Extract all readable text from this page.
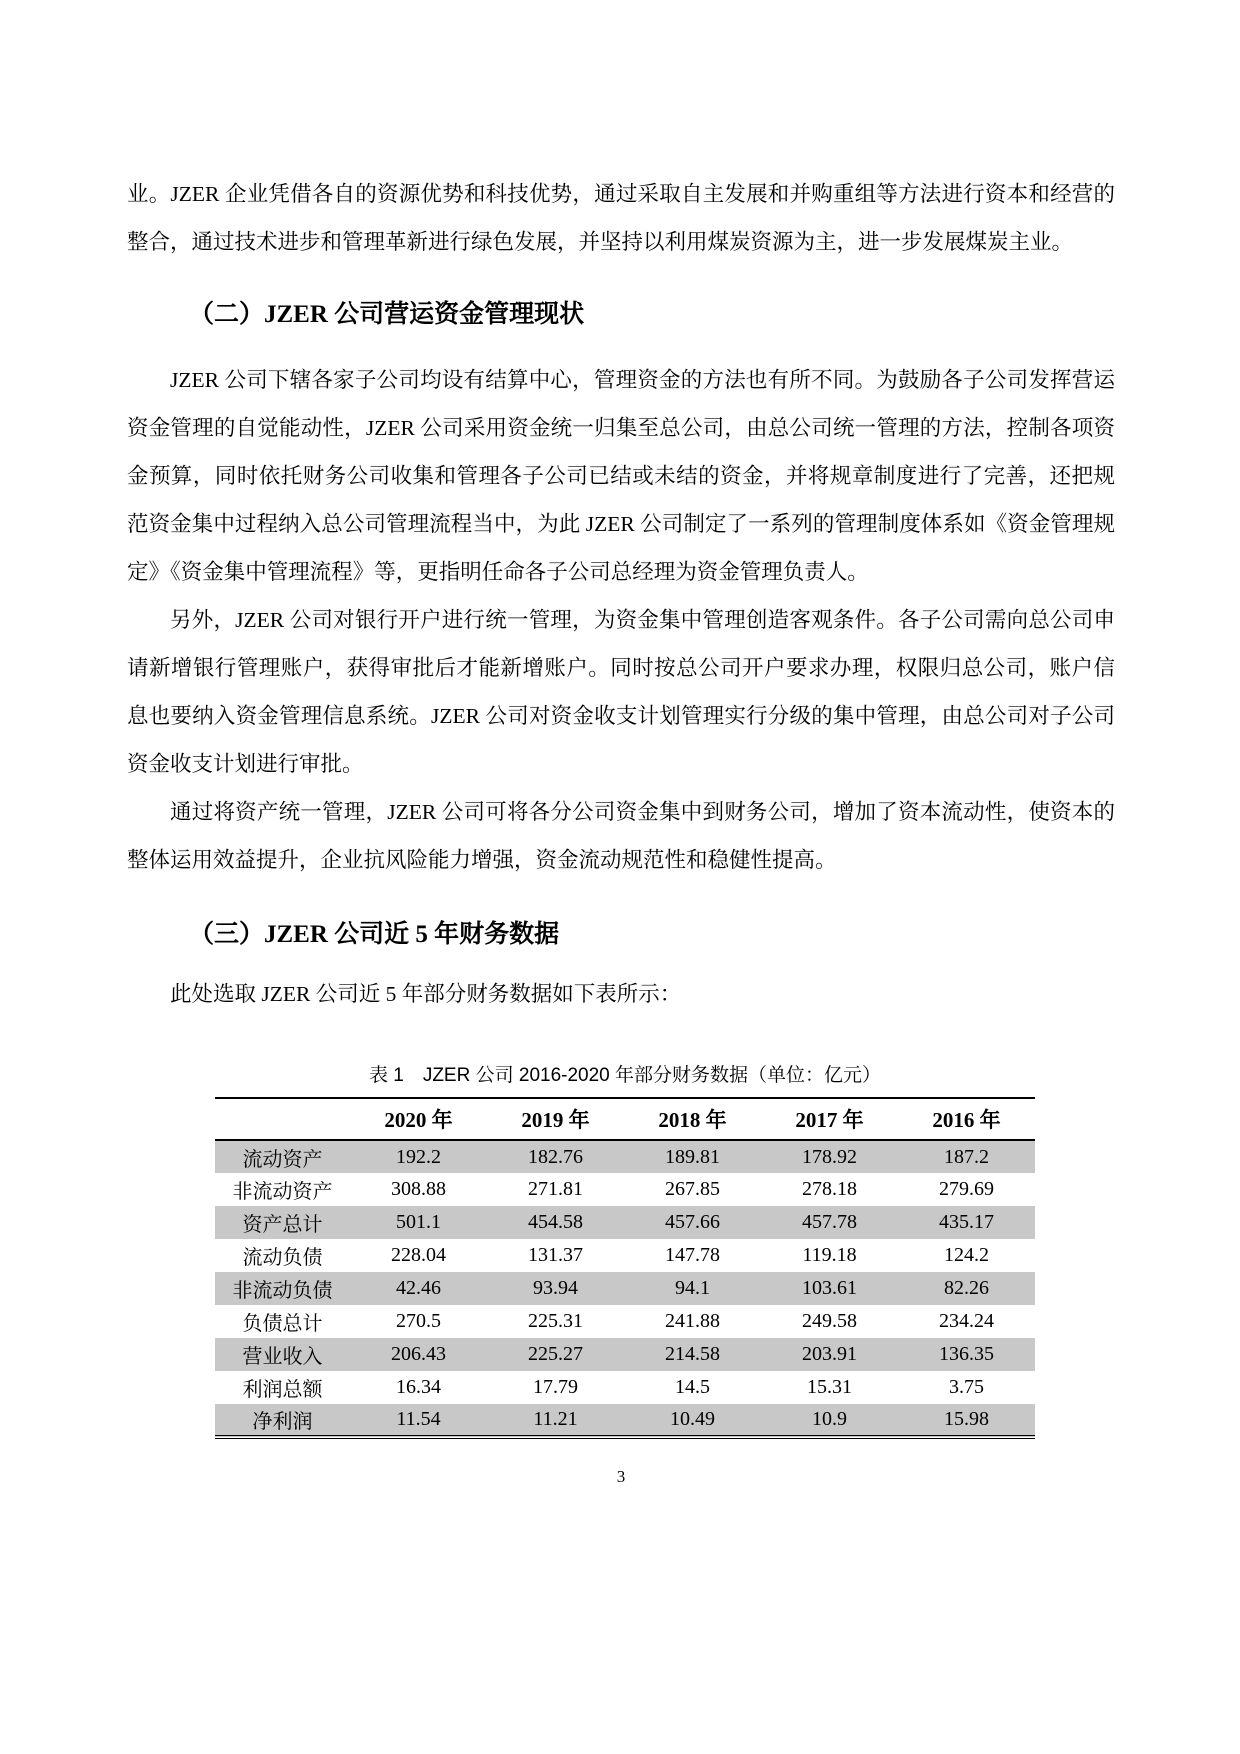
业。JZER 企业凭借各自的资源优势和科技优势，通过采取自主发展和并购重组等方法进行资本和经营的整合，通过技术进步和管理革新进行绿色发展，并坚持以利用煤炭资源为主，进一步发展煤炭主业。

（二）JZER 公司营运资金管理现状

JZER 公司下辖各家子公司均设有结算中心，管理资金的方法也有所不同。为鼓励各子公司发挥营运资金管理的自觉能动性，JZER 公司采用资金统一归集至总公司，由总公司统一管理的方法，控制各项资金预算，同时依托财务公司收集和管理各子公司已结或未结的资金，并将规章制度进行了完善，还把规范资金集中过程纳入总公司管理流程当中，为此 JZER 公司制定了一系列的管理制度体系如《资金管理规定》《资金集中管理流程》等，更指明任命各子公司总经理为资金管理负责人。

另外，JZER 公司对银行开户进行统一管理，为资金集中管理创造客观条件。各子公司需向总公司申请新增银行管理账户，获得审批后才能新增账户。同时按总公司开户要求办理，权限归总公司，账户信息也要纳入资金管理信息系统。JZER 公司对资金收支计划管理实行分级的集中管理，由总公司对子公司资金收支计划进行审批。

通过将资产统一管理，JZER 公司可将各分公司资金集中到财务公司，增加了资本流动性，使资本的整体运用效益提升，企业抗风险能力增强，资金流动规范性和稳健性提高。

（三）JZER 公司近 5 年财务数据

此处选取 JZER 公司近 5 年部分财务数据如下表所示：

表 1　JZER 公司 2016-2020 年部分财务数据（单位：亿元）
	2020 年	2019 年	2018 年	2017 年	2016 年
流动资产	192.2	182.76	189.81	178.92	187.2
非流动资产	308.88	271.81	267.85	278.18	279.69
资产总计	501.1	454.58	457.66	457.78	435.17
流动负债	228.04	131.37	147.78	119.18	124.2
非流动负债	42.46	93.94	94.1	103.61	82.26
负债总计	270.5	225.31	241.88	249.58	234.24
营业收入	206.43	225.27	214.58	203.91	136.35
利润总额	16.34	17.79	14.5	15.31	3.75
净利润	11.54	11.21	10.49	10.9	15.98
3
